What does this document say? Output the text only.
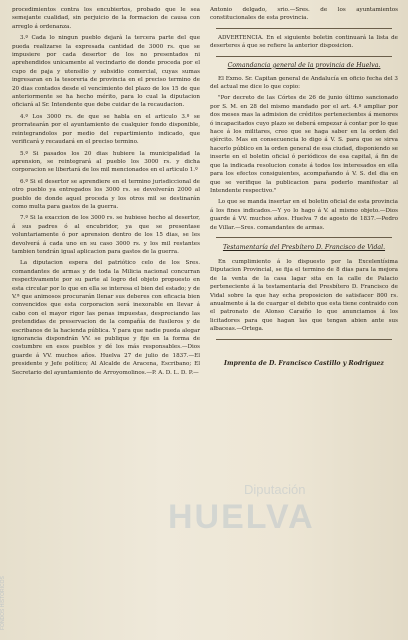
procedimientos contra los encubiertos, probado que le sea semejante cualidad, sin perjuicio de la formacion de causa con arreglo á ordenanza.

3.º Cada lo ningun pueblo dejará la tercera parte del que pueda realizarse la expresada cantidad de 3000 rs. que se impusiere por cada desertor de los no presentados ni aprehendidos unicamente al vecindario de donde proceda por el cupo de paja y utensilio y subsidio comercial, cuyas sumas ingresaran en la tesoreria de provincia en el preciso termino de 20 dias contados desde el vencimiento del plazo de los 15 de que anteriormente se ha hecho mérito, para lo cual la diputacion oficiará al Sr. Intendente que debe cuidar de la recaudacion.

4.º Los 3000 rs. de que se habla en el articulo 3.º se prorratearán por el ayuntamiento de cualquier fondo disponible, reintegrandolos por medio del repartimiento indicado, que verificará y recaudará en el preciso termino.

5.º Si pasados los 20 dias hubiere la municipalidad la aprension, se reintegrará al pueblo los 3000 rs. y dicha corporacion se libertará de los mil mencionados en el articulo 1.º

6.º Si el desertor se aprendiere en el termino jurisdiccional de otro pueblo ya entregados los 3000 rs. se devolverán 2000 al pueblo de donde aquel proceda y los otros mil se destinarán como multa para gastos de la guerra.

7.º Si la exaccion de los 3000 rs. se hubiese hecho al desertor, á sus padres ó al encubridor, ya que se presentase voluntariamente ó por aprension dentro de los 15 dias, se les devolverá á cada uno en su caso 3000 rs. y los mil restantes tambien tendrán igual aplicacion para gastos de la guerra.

La diputacion espera del patriótico celo de los Sres. comandantes de armas y de toda la Milicia nacional concurran respectivamente por su parte al logro del objeto propuesto en esta circular por lo que en ella se interesa el bien del estado; y de V.ª que animosos procurarán llenar sus deberes con eficacia bien convencidos que esta corporacion será inexorable en llevar á cabo con el mayor rigor las penas impuestas, despreciando las pretendidas de preservacion de la compañía de fusileros y de escribanos de la hacienda pública. Y para que nadie pueda alegar ignorancia dispondrán VV. se publique y fije en la forma de costumbre en esos pueblos y dé los más responsables.—Dios guarde á VV. muchos años. Huelva 27 de julio de 1837.—El presidente y Jefe político; Al Alcalde de Aracena, Escribano; El Secretario del ayuntamiento de Arroyomolinos.—P. A. D. L. D. P.—

Antonio delgado, srio.—Sres. de los ayuntamientos constitucionales de esta provincia.

ADVERTENCIA. En el siguiente boletin continuará la lista de deserteres á que se refiere la anterior disposicion.

Comandancia general de la provincia de Huelva.

El Exmo. Sr. Capitan general de Andalucía en oficio fecha del 3 del actual me dice lo que copio:

"Por decreto de las Córtes de 26 de junio último sancionado por S. M. en 28 del mismo mandado por el art. 4.º ampliar por dos meses mas la admision de créditos pertenecientes á menores ó incapacitados cuyo plazo se deberá empezar á contar por lo que hace á los militares, creo que se haga saber en la orden del ejército. Mas en consecuencia lo digo á V. S. para que se sirva hacerlo público en la orden general de esa ciudad, disponiendo se inserte en el boletin oficial ó periódicos de esa capital, á fin de que la indicada resolucion conste á todos los interesados en ella para los efectos consiguientes, acompañando á V. S. del dia en que se verifique la publicacion para poderlo manifestar al Intendente respectivo."

Lo que se manda insertar en el boletin oficial de esta provincia á los fines indicados.—Y yo lo hago á V. al mismo objeto.—Dios guarde á VV. muchos años. Huelva 7 de agosto de 1837.—Pedro de Villar.—Sres. comandantes de armas.

Testamentaría del Presbítero D. Francisco de Vidal.

En cumplimiento á lo dispuesto por la Excelentísima Diputacion Provincial, se fija el termino de 8 dias para la mejora de la venta de la casa lagar sita en la calle de Palacio perteneciente á la testamentaría del Presbítero D. Francisco de Vidal sobre la que hay echa proposicion de satisfacer 800 rs. anualmente á la de cuargar el debito que esta tiene contraido con el patronato de Alonso Caraiño lo que anunciamos á los licitadores para que hagan las que tengan abien ante sus albaceas.—Ortega.

Imprenta de D. Francisco Castillo y Rodriguez
Diputación
HUELVA
FONDOS HISTÓRICOS
